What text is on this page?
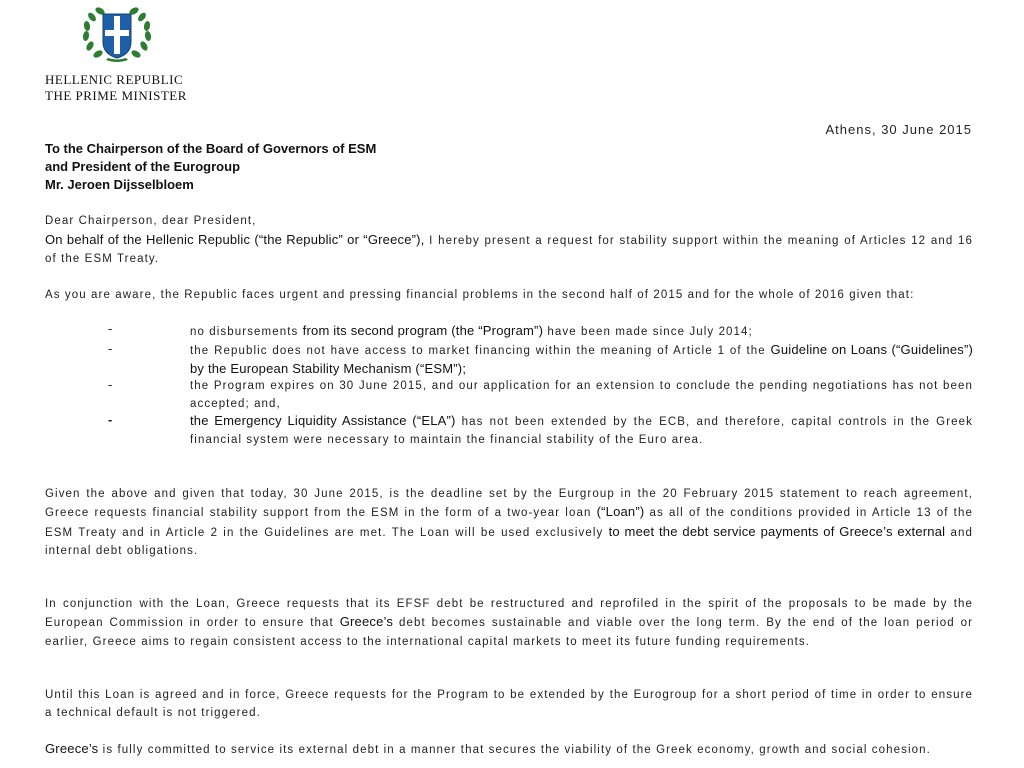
HELLENIC REPUBLIC
THE PRIME MINISTER
Athens, 30 June 2015
To the Chairperson of the Board of Governors of ESM
and President of the Eurogroup
Mr. Jeroen Dijsselbloem
Dear Chairperson, dear President,
On behalf of the Hellenic Republic (“the Republic” or “Greece”), I hereby present a request for stability support within the meaning of Articles 12 and 16 of the ESM Treaty.
As you are aware, the Republic faces urgent and pressing financial problems in the second half of 2015 and for the whole of 2016 given that:
-	no disbursements from its second program (the “Program”) have been made since July 2014;
-	the Republic does not have access to market financing within the meaning of Article 1 of the Guideline on Loans (“Guidelines”) by the European Stability Mechanism (“ESM”);
-	the Program expires on 30 June 2015, and our application for an extension to conclude the pending negotiations has not been accepted; and,
-	the Emergency Liquidity Assistance (“ELA”) has not been extended by the ECB, and therefore, capital controls in the Greek financial system were necessary to maintain the financial stability of the Euro area.
Given the above and given that today, 30 June 2015, is the deadline set by the Eurgroup in the 20 February 2015 statement to reach agreement, Greece requests financial stability support from the ESM in the form of a two-year loan (“Loan”) as all of the conditions provided in Article 13 of the ESM Treaty and in Article 2 in the Guidelines are met. The Loan will be used exclusively to meet the debt service payments of Greece’s external and internal debt obligations.
In conjunction with the Loan, Greece requests that its EFSF debt be restructured and reprofiled in the spirit of the proposals to be made by the European Commission in order to ensure that Greece’s debt becomes sustainable and viable over the long term. By the end of the loan period or earlier, Greece aims to regain consistent access to the international capital markets to meet its future funding requirements.
Until this Loan is agreed and in force, Greece requests for the Program to be extended by the Eurogroup for a short period of time in order to ensure a technical default is not triggered.
Greece’s is fully committed to service its external debt in a manner that secures the viability of the Greek economy, growth and social cohesion.
